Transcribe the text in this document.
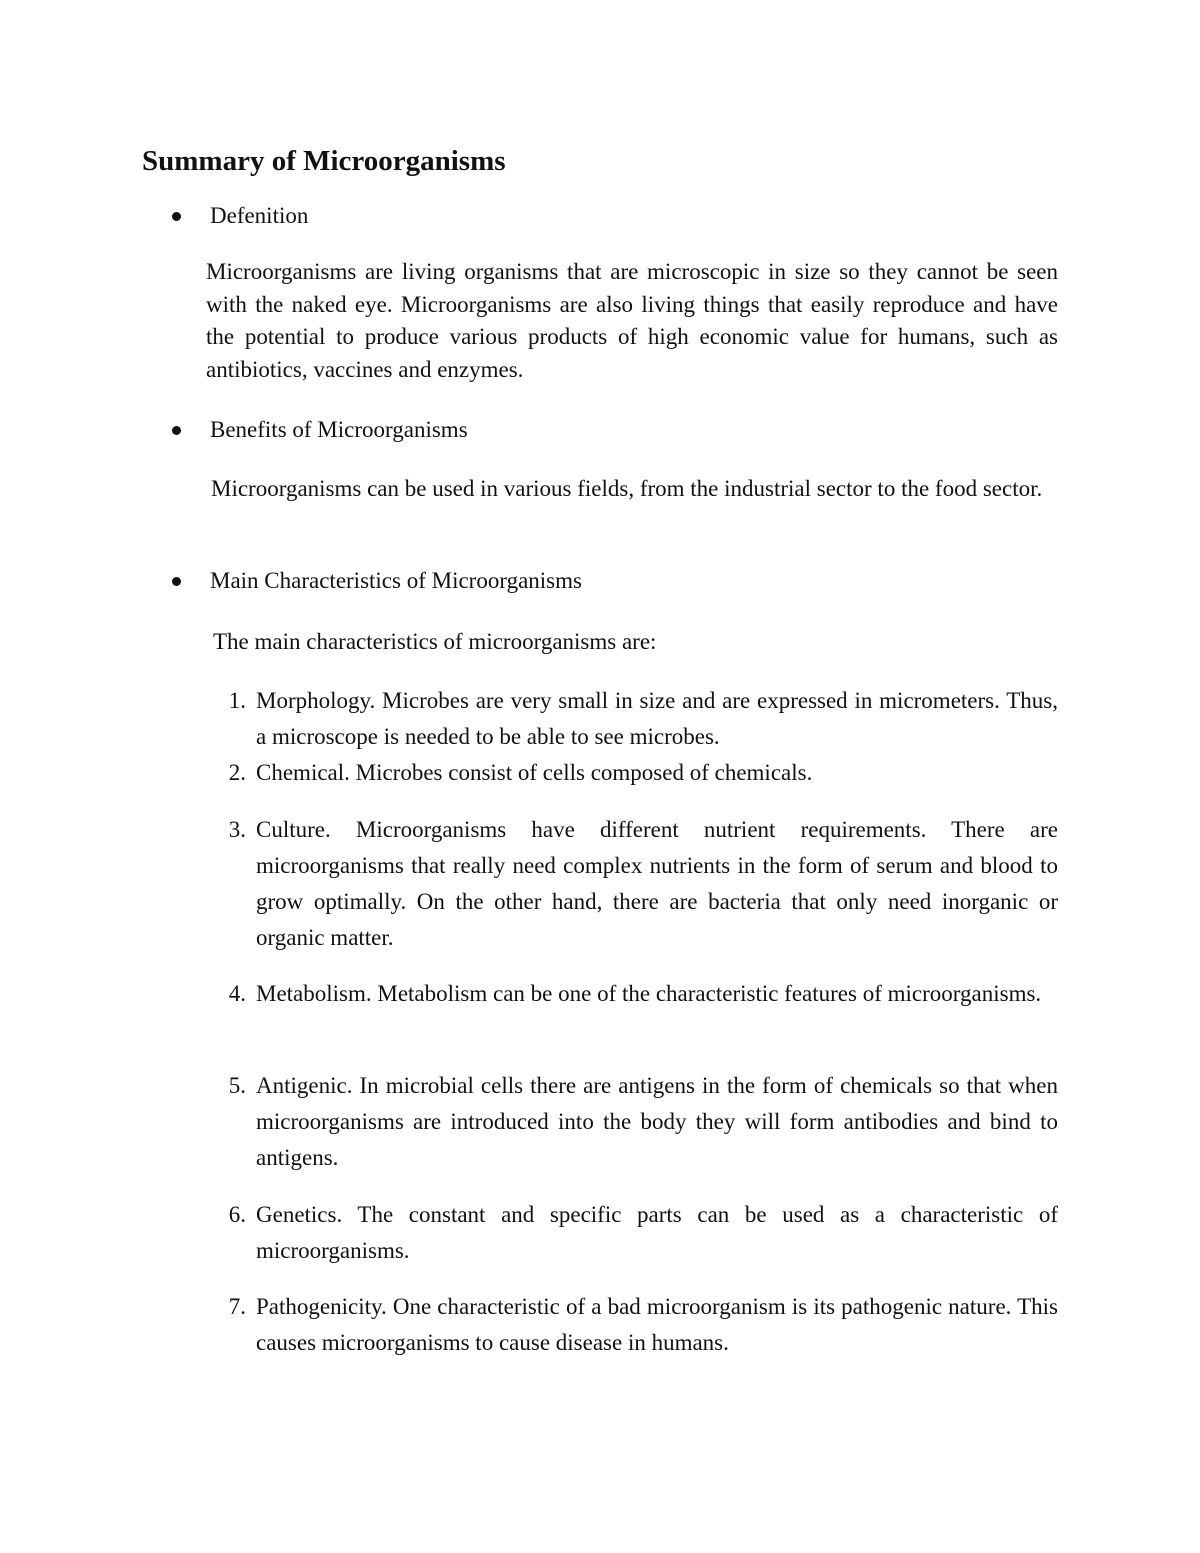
Summary of Microorganisms
Defenition

Microorganisms are living organisms that are microscopic in size so they cannot be seen with the naked eye. Microorganisms are also living things that easily reproduce and have the potential to produce various products of high economic value for humans, such as antibiotics, vaccines and enzymes.

Benefits of Microorganisms

Microorganisms can be used in various fields, from the industrial sector to the food sector.

Main Characteristics of Microorganisms
The main characteristics of microorganisms are:
1. Morphology. Microbes are very small in size and are expressed in micrometers. Thus, a microscope is needed to be able to see microbes.

2. Chemical. Microbes consist of cells composed of chemicals.

3. Culture. Microorganisms have different nutrient requirements. There are microorganisms that really need complex nutrients in the form of serum and blood to grow optimally. On the other hand, there are bacteria that only need inorganic or organic matter.

4. Metabolism. Metabolism can be one of the characteristic features of microorganisms.

5. Antigenic. In microbial cells there are antigens in the form of chemicals so that when microorganisms are introduced into the body they will form antibodies and bind to antigens.

6. Genetics. The constant and specific parts can be used as a characteristic of microorganisms.

7. Pathogenicity. One characteristic of a bad microorganism is its pathogenic nature. This causes microorganisms to cause disease in humans.
